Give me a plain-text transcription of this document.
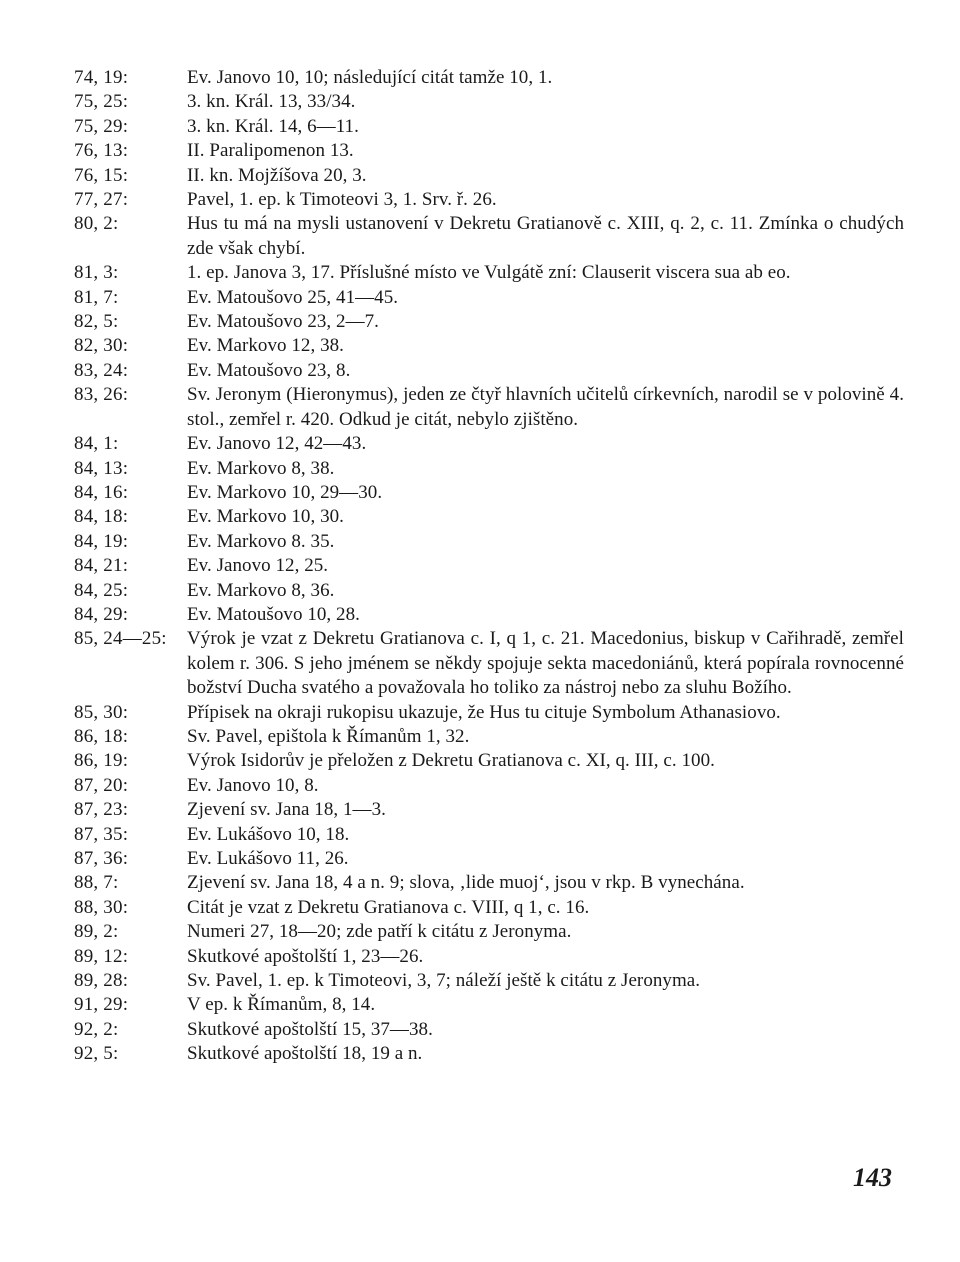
74, 19:	Ev. Janovo 10, 10; následující citát tamže 10, 1.
75, 25:	3. kn. Král. 13, 33/34.
75, 29:	3. kn. Král. 14, 6—11.
76, 13:	II. Paralipomenon 13.
76, 15:	II. kn. Mojžíšova 20, 3.
77, 27:	Pavel, 1. ep. k Timoteovi 3, 1. Srv. ř. 26.
80, 2:	Hus tu má na mysli ustanovení v Dekretu Gratianově c. XIII, q. 2, c. 11. Zmínka o chudých zde však chybí.
81, 3:	1. ep. Janova 3, 17. Příslušné místo ve Vulgátě zní: Clauserit viscera sua ab eo.
81, 7:	Ev. Matoušovo 25, 41—45.
82, 5:	Ev. Matoušovo 23, 2—7.
82, 30:	Ev. Markovo 12, 38.
83, 24:	Ev. Matoušovo 23, 8.
83, 26:	Sv. Jeronym (Hieronymus), jeden ze čtyř hlavních učitelů církevních, narodil se v polovině 4. stol., zemřel r. 420. Odkud je citát, nebylo zjištěno.
84, 1:	Ev. Janovo 12, 42—43.
84, 13:	Ev. Markovo 8, 38.
84, 16:	Ev. Markovo 10, 29—30.
84, 18:	Ev. Markovo 10, 30.
84, 19:	Ev. Markovo 8. 35.
84, 21:	Ev. Janovo 12, 25.
84, 25:	Ev. Markovo 8, 36.
84, 29:	Ev. Matoušovo 10, 28.
85, 24—25:	Výrok je vzat z Dekretu Gratianova c. I, q 1, c. 21. Macedonius, biskup v Cařihradě, zemřel kolem r. 306. S jeho jménem se někdy spojuje sekta macedoniánů, která popírala rovnocenné božství Ducha svatého a považovala ho toliko za nástroj nebo za sluhu Božího.
85, 30:	Přípisek na okraji rukopisu ukazuje, že Hus tu cituje Symbolum Athanasiovo.
86, 18:	Sv. Pavel, epištola k Římanům 1, 32.
86, 19:	Výrok Isidorův je přeložen z Dekretu Gratianova c. XI, q. III, c. 100.
87, 20:	Ev. Janovo 10, 8.
87, 23:	Zjevení sv. Jana 18, 1—3.
87, 35:	Ev. Lukášovo 10, 18.
87, 36:	Ev. Lukášovo 11, 26.
88, 7:	Zjevení sv. Jana 18, 4 a n. 9; slova, ‚lide muoj‘, jsou v rkp. B vynechána.
88, 30:	Citát je vzat z Dekretu Gratianova c. VIII, q 1, c. 16.
89, 2:	Numeri 27, 18—20; zde patří k citátu z Jeronyma.
89, 12:	Skutkové apoštolští 1, 23—26.
89, 28:	Sv. Pavel, 1. ep. k Timoteovi, 3, 7; náleží ještě k citátu z Jeronyma.
91, 29:	V ep. k Římanům, 8, 14.
92, 2:	Skutkové apoštolští 15, 37—38.
92, 5:	Skutkové apoštolští 18, 19 a n.
143
